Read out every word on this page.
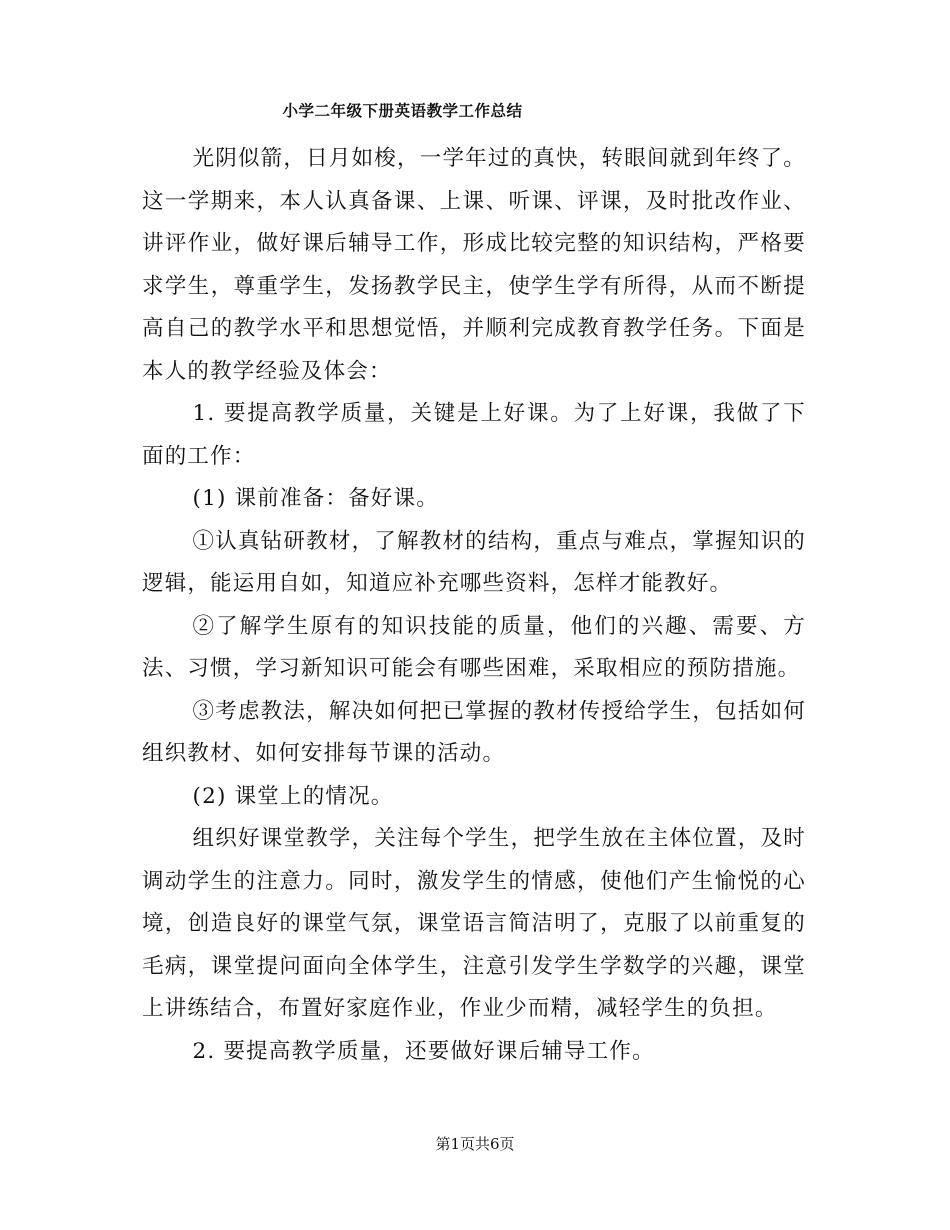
小学二年级下册英语教学工作总结

光阴似箭，日月如梭，一学年过的真快，转眼间就到年终了。这一学期来，本人认真备课、上课、听课、评课，及时批改作业、讲评作业，做好课后辅导工作，形成比较完整的知识结构，严格要求学生，尊重学生，发扬教学民主，使学生学有所得，从而不断提高自己的教学水平和思想觉悟，并顺利完成教育教学任务。下面是本人的教学经验及体会：

1. 要提高教学质量，关键是上好课。为了上好课，我做了下面的工作：

(1) 课前准备：备好课。

①认真钻研教材，了解教材的结构，重点与难点，掌握知识的逻辑，能运用自如，知道应补充哪些资料，怎样才能教好。

②了解学生原有的知识技能的质量，他们的兴趣、需要、方法、习惯，学习新知识可能会有哪些困难，采取相应的预防措施。

③考虑教法，解决如何把已掌握的教材传授给学生，包括如何组织教材、如何安排每节课的活动。

(2) 课堂上的情况。

组织好课堂教学，关注每个学生，把学生放在主体位置，及时调动学生的注意力。同时，激发学生的情感，使他们产生愉悦的心境，创造良好的课堂气氛，课堂语言简洁明了，克服了以前重复的毛病，课堂提问面向全体学生，注意引发学生学数学的兴趣，课堂上讲练结合，布置好家庭作业，作业少而精，减轻学生的负担。

2. 要提高教学质量，还要做好课后辅导工作。

第1页共6页
